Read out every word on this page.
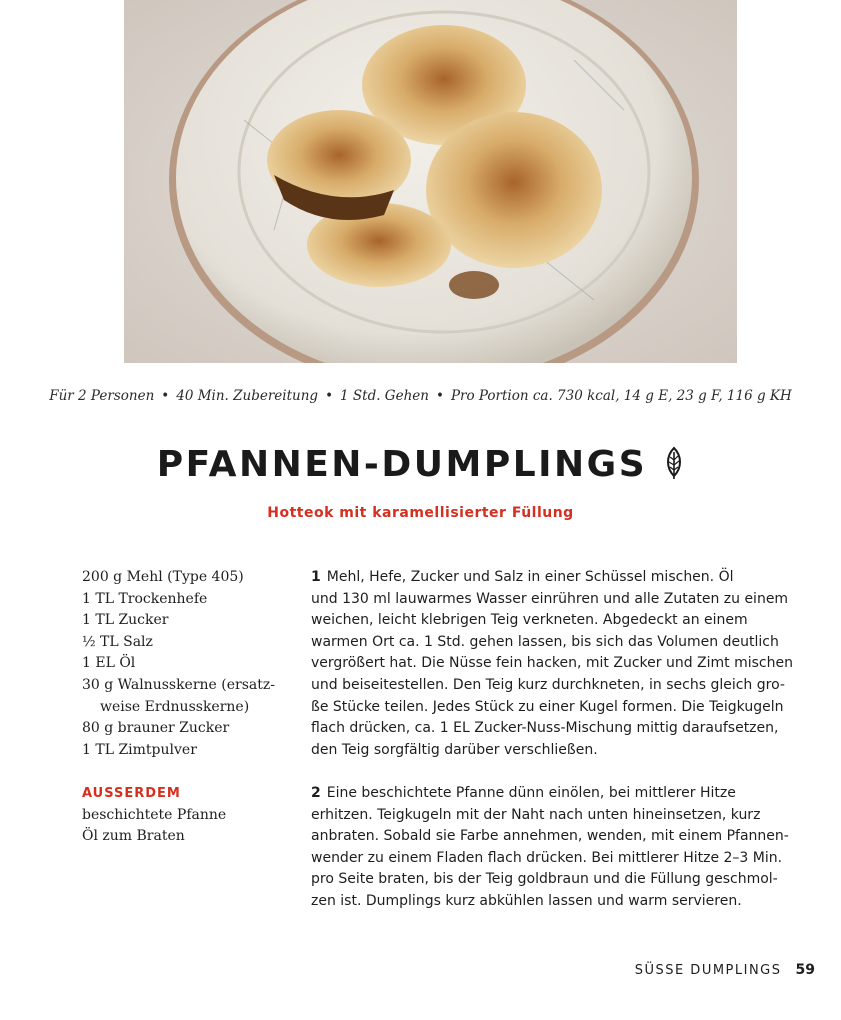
Für 2 Personen • 40 Min. Zubereitung • 1 Std. Gehen • Pro Portion ca. 730 kcal, 14 g E, 23 g F, 116 g KH
PFANNEN-DUMPLINGS
Hotteok mit karamellisierter Füllung
200 g Mehl (Type 405)
1 TL Trockenhefe
1 TL Zucker
½ TL Salz
1 EL Öl
30 g Walnusskerne (ersatz-
weise Erdnusskerne)
80 g brauner Zucker
1 TL Zimtpulver
AUSSERDEM
beschichtete Pfanne
Öl zum Braten
1 Mehl, Hefe, Zucker und Salz in einer Schüssel mischen. Öl
und 130 ml lauwarmes Wasser einrühren und alle Zutaten zu einem
weichen, leicht klebrigen Teig verkneten. Abgedeckt an einem
warmen Ort ca. 1 Std. gehen lassen, bis sich das Volumen deutlich
vergrößert hat. Die Nüsse fein hacken, mit Zucker und Zimt mischen
und beiseitestellen. Den Teig kurz durchkneten, in sechs gleich gro-
ße Stücke teilen. Jedes Stück zu einer Kugel formen. Die Teigkugeln
flach drücken, ca. 1 EL Zucker-Nuss-Mischung mittig daraufsetzen,
den Teig sorgfältig darüber verschließen.
2 Eine beschichtete Pfanne dünn einölen, bei mittlerer Hitze
erhitzen. Teigkugeln mit der Naht nach unten hineinsetzen, kurz
anbraten. Sobald sie Farbe annehmen, wenden, mit einem Pfannen-
wender zu einem Fladen flach drücken. Bei mittlerer Hitze 2–3 Min.
pro Seite braten, bis der Teig goldbraun und die Füllung geschmol-
zen ist. Dumplings kurz abkühlen lassen und warm servieren.
SÜSSE DUMPLINGS 59
